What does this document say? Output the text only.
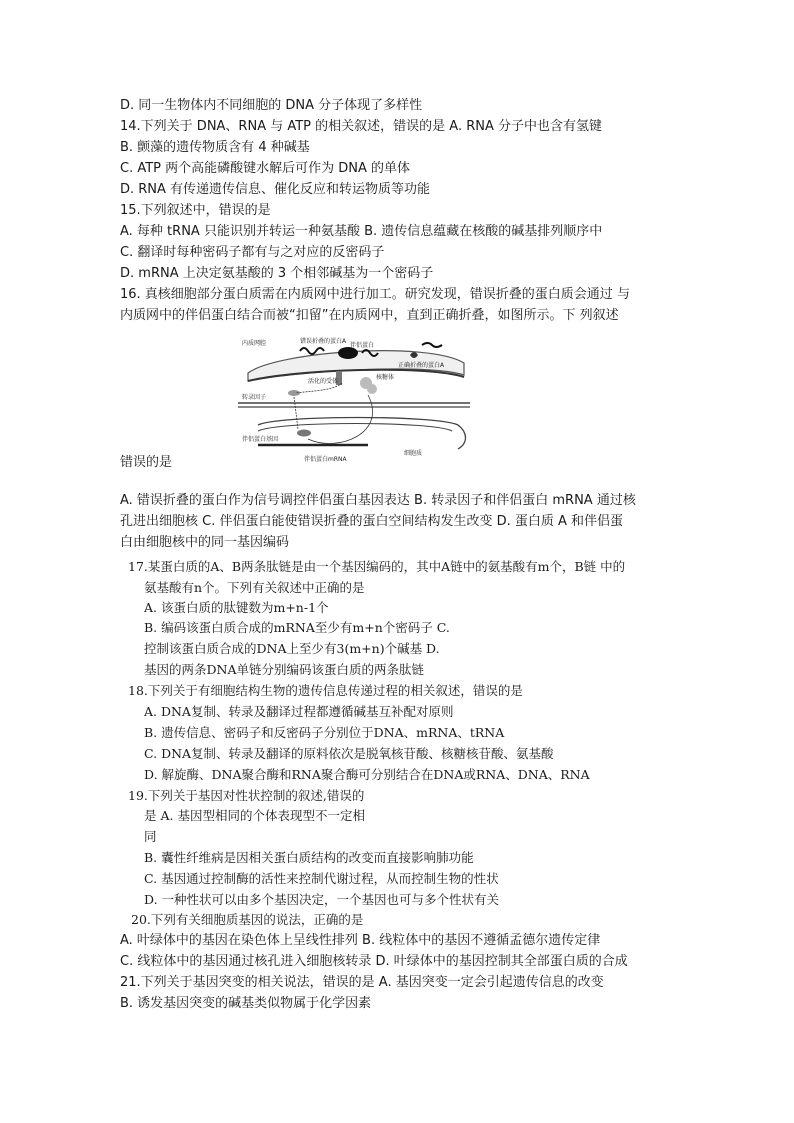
D. 同一生物体内不同细胞的 DNA 分子体现了多样性
14.下列关于 DNA、RNA 与 ATP 的相关叙述，错误的是 A. RNA 分子中也含有氢键
B. 颤藻的遗传物质含有 4 种碱基
C. ATP 两个高能磷酸键水解后可作为 DNA 的单体
D. RNA 有传递遗传信息、催化反应和转运物质等功能
15.下列叙述中，错误的是
A. 每种 tRNA 只能识别并转运一种氨基酸 B. 遗传信息蕴藏在核酸的碱基排列顺序中
C. 翻译时每种密码子都有与之对应的反密码子
D. mRNA 上决定氨基酸的 3 个相邻碱基为一个密码子
16. 真核细胞部分蛋白质需在内质网中进行加工。研究发现，错误折叠的蛋白质会通过 与
内质网中的伴侣蛋白结合而被“扣留”在内质网中，直到正确折叠，如图所示。下 列叙述
内质网腔	错误折叠的蛋白A
伴侣蛋白
正确折叠的蛋白A
活化的受体
核糖体
转录因子
伴侣蛋白基因
伴侣蛋白mRNA
细胞质
错误的是
A. 错误折叠的蛋白作为信号调控伴侣蛋白基因表达 B. 转录因子和伴侣蛋白 mRNA 通过核
孔进出细胞核 C. 伴侣蛋白能使错误折叠的蛋白空间结构发生改变 D. 蛋白质 A 和伴侣蛋
白由细胞核中的同一基因编码
17.某蛋白质的A、B两条肽链是由一个基因编码的，其中A链中的氨基酸有m个，B链 中的
氨基酸有n个。下列有关叙述中正确的是
A. 该蛋白质的肽键数为m+n-1个
B. 编码该蛋白质合成的mRNA至少有m+n个密码子 C.
控制该蛋白质合成的DNA上至少有3(m+n)个碱基 D.
基因的两条DNA单链分别编码该蛋白质的两条肽链
18.下列关于有细胞结构生物的遗传信息传递过程的相关叙述，错误的是
A. DNA复制、转录及翻译过程都遵循碱基互补配对原则
B. 遗传信息、密码子和反密码子分别位于DNA、mRNA、tRNA
C. DNA复制、转录及翻译的原料依次是脱氧核苷酸、核糖核苷酸、氨基酸
D. 解旋酶、DNA聚合酶和RNA聚合酶可分别结合在DNA或RNA、DNA、RNA
19.下列关于基因对性状控制的叙述,错误的
是 A. 基因型相同的个体表现型不一定相
同
B. 囊性纤维病是因相关蛋白质结构的改变而直接影响肺功能
C. 基因通过控制酶的活性来控制代谢过程，从而控制生物的性状
D. 一种性状可以由多个基因决定，一个基因也可与多个性状有关
20.下列有关细胞质基因的说法，正确的是
A. 叶绿体中的基因在染色体上呈线性排列 B. 线粒体中的基因不遵循孟德尔遗传定律
C. 线粒体中的基因通过核孔进入细胞核转录 D. 叶绿体中的基因控制其全部蛋白质的合成
21.下列关于基因突变的相关说法，错误的是 A. 基因突变一定会引起遗传信息的改变
B. 诱发基因突变的碱基类似物属于化学因素
